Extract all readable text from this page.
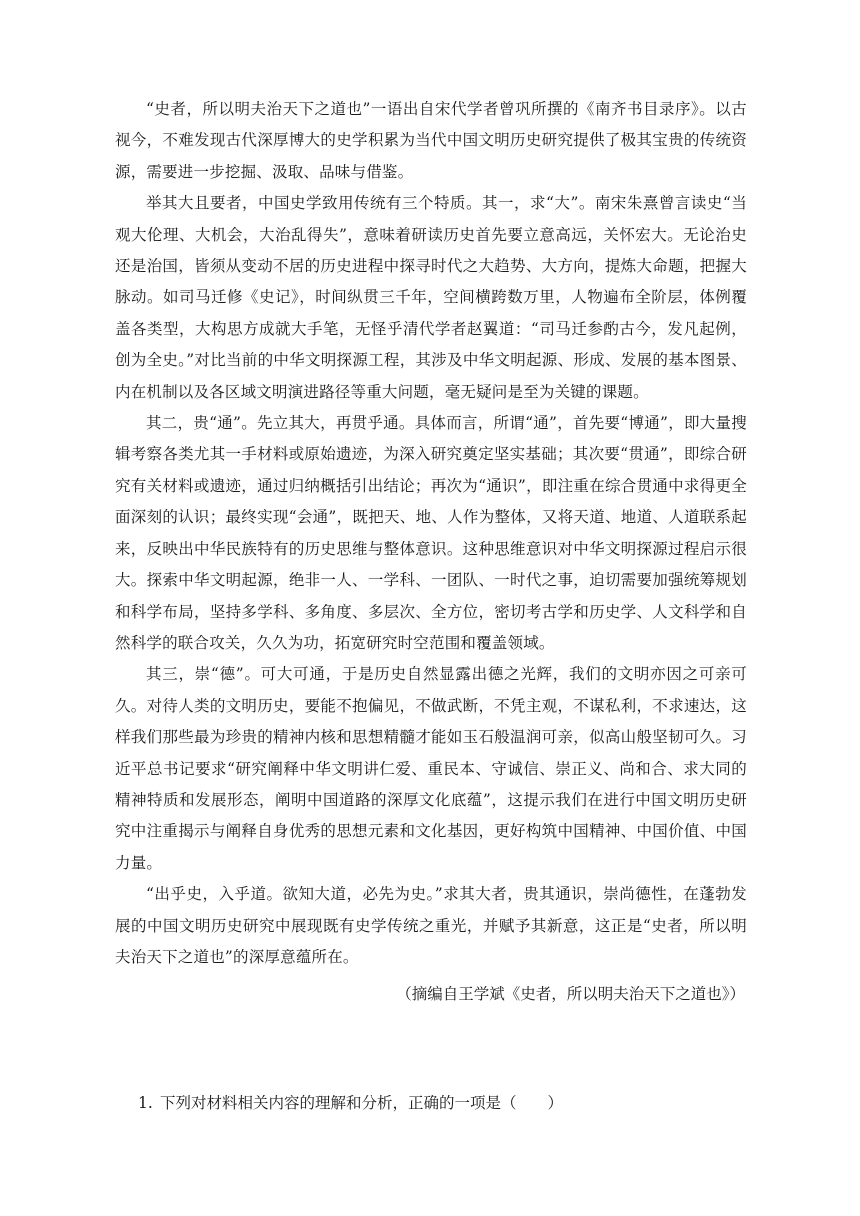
“史者，所以明夫治天下之道也”一语出自宋代学者曾巩所撰的《南齐书目录序》。以古视今，不难发现古代深厚博大的史学积累为当代中国文明历史研究提供了极其宝贵的传统资源，需要进一步挖掘、汲取、品味与借鉴。

举其大且要者，中国史学致用传统有三个特质。其一，求“大”。南宋朱熹曾言读史“当观大伦理、大机会，大治乱得失”，意味着研读历史首先要立意高远，关怀宏大。无论治史还是治国，皆须从变动不居的历史进程中探寻时代之大趋势、大方向，提炼大命题，把握大脉动。如司马迁修《史记》，时间纵贯三千年，空间横跨数万里，人物遍布全阶层，体例覆盖各类型，大构思方成就大手笔，无怪乎清代学者赵翼道：“司马迁参酌古今，发凡起例，创为全史。”对比当前的中华文明探源工程，其涉及中华文明起源、形成、发展的基本图景、内在机制以及各区域文明演进路径等重大问题，毫无疑问是至为关键的课题。

其二，贵“通”。先立其大，再贯乎通。具体而言，所谓“通”，首先要“博通”，即大量搜辑考察各类尤其一手材料或原始遗迹，为深入研究奠定坚实基础；其次要“贯通”，即综合研究有关材料或遗迹，通过归纳概括引出结论；再次为“通识”，即注重在综合贯通中求得更全面深刻的认识；最终实现“会通”，既把天、地、人作为整体，又将天道、地道、人道联系起来，反映出中华民族特有的历史思维与整体意识。这种思维意识对中华文明探源过程启示很大。探索中华文明起源，绝非一人、一学科、一团队、一时代之事，迫切需要加强统筹规划和科学布局，坚持多学科、多角度、多层次、全方位，密切考古学和历史学、人文科学和自然科学的联合攻关，久久为功，拓宽研究时空范围和覆盖领域。

其三，崇“德”。可大可通，于是历史自然显露出德之光辉，我们的文明亦因之可亲可久。对待人类的文明历史，要能不抱偏见，不做武断，不凭主观，不谋私利，不求速达，这样我们那些最为珍贵的精神内核和思想精髓才能如玉石般温润可亲，似高山般坚韧可久。习近平总书记要求“研究阐释中华文明讲仁爱、重民本、守诚信、崇正义、尚和合、求大同的精神特质和发展形态，阐明中国道路的深厚文化底蕴”，这提示我们在进行中国文明历史研究中注重揭示与阐释自身优秀的思想元素和文化基因，更好构筑中国精神、中国价值、中国力量。

“出乎史，入乎道。欲知大道，必先为史。”求其大者，贵其通识，崇尚德性，在蓬勃发展的中国文明历史研究中展现既有史学传统之重光，并赋予其新意，这正是“史者，所以明夫治天下之道也”的深厚意蕴所在。

（摘编自王学斌《史者，所以明夫治天下之道也》）

1. 下列对材料相关内容的理解和分析，正确的一项是（　　）
